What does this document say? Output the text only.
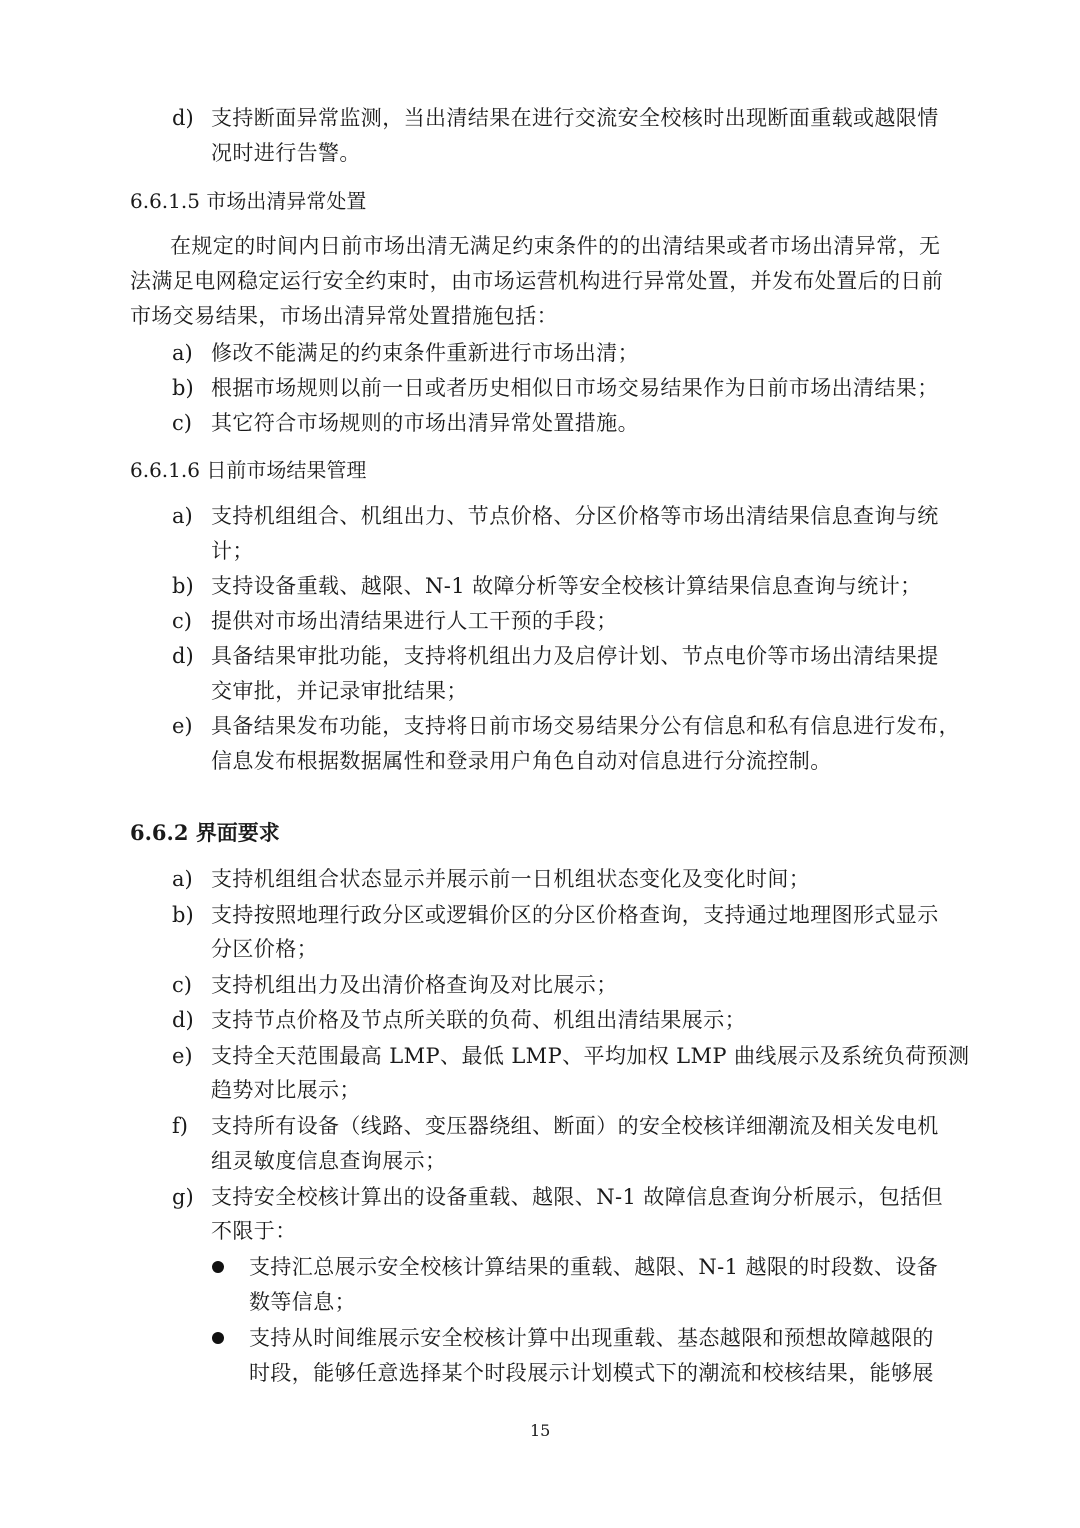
d) 支持断面异常监测，当出清结果在进行交流安全校核时出现断面重载或越限情
况时进行告警。
6.6.1.5 市场出清异常处置
在规定的时间内日前市场出清无满足约束条件的的出清结果或者市场出清异常，无
法满足电网稳定运行安全约束时，由市场运营机构进行异常处置，并发布处置后的日前
市场交易结果，市场出清异常处置措施包括：
a) 修改不能满足的约束条件重新进行市场出清；
b) 根据市场规则以前一日或者历史相似日市场交易结果作为日前市场出清结果；
c) 其它符合市场规则的市场出清异常处置措施。
6.6.1.6 日前市场结果管理
a) 支持机组组合、机组出力、节点价格、分区价格等市场出清结果信息查询与统
计；
b) 支持设备重载、越限、N-1 故障分析等安全校核计算结果信息查询与统计；
c) 提供对市场出清结果进行人工干预的手段；
d) 具备结果审批功能，支持将机组出力及启停计划、节点电价等市场出清结果提
交审批，并记录审批结果；
e) 具备结果发布功能，支持将日前市场交易结果分公有信息和私有信息进行发布，
信息发布根据数据属性和登录用户角色自动对信息进行分流控制。
6.6.2 界面要求
a) 支持机组组合状态显示并展示前一日机组状态变化及变化时间；
b) 支持按照地理行政分区或逻辑价区的分区价格查询，支持通过地理图形式显示
分区价格；
c) 支持机组出力及出清价格查询及对比展示；
d) 支持节点价格及节点所关联的负荷、机组出清结果展示；
e) 支持全天范围最高 LMP、最低 LMP、平均加权 LMP 曲线展示及系统负荷预测
趋势对比展示；
f)	支持所有设备（线路、变压器绕组、断面）的安全校核详细潮流及相关发电机
组灵敏度信息查询展示；
g) 支持安全校核计算出的设备重载、越限、N-1 故障信息查询分析展示，包括但
不限于：
支持汇总展示安全校核计算结果的重载、越限、N-1 越限的时段数、设备
数等信息；
支持从时间维展示安全校核计算中出现重载、基态越限和预想故障越限的
时段，能够任意选择某个时段展示计划模式下的潮流和校核结果，能够展
15
